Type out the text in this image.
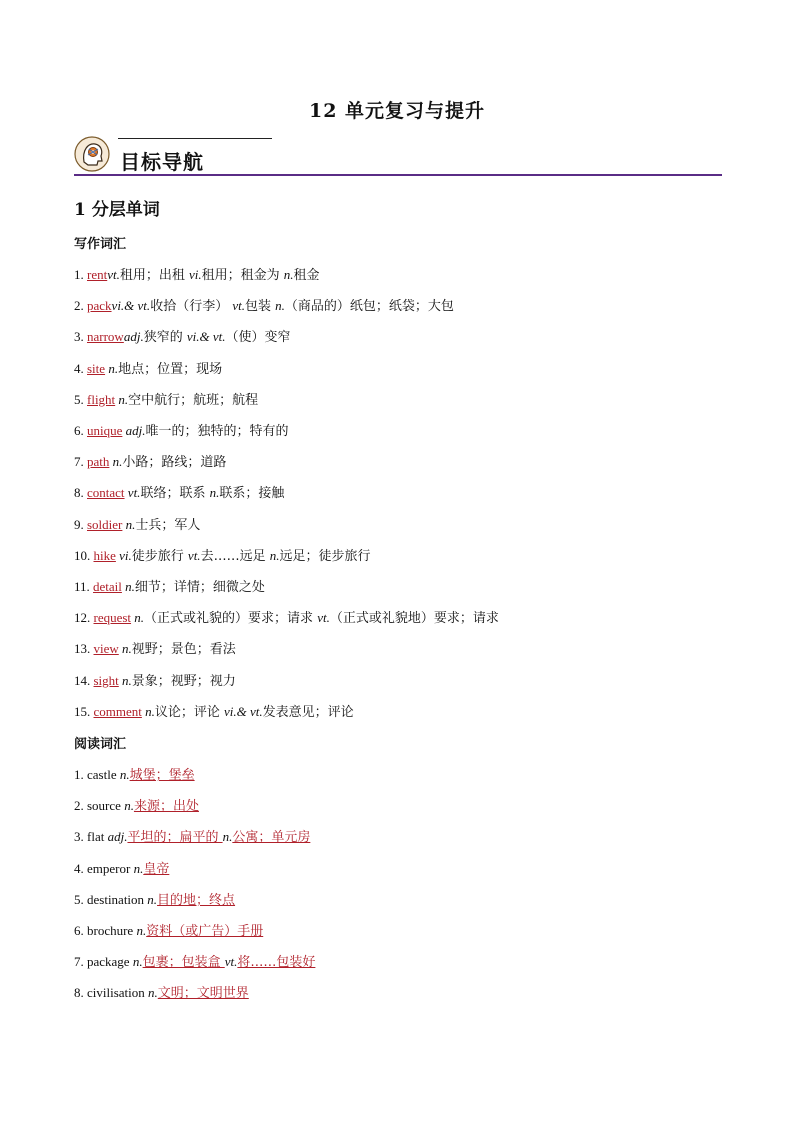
12 单元复习与提升
目标导航
1 分层单词
写作词汇
1. rentvt.租用；出租 vi.租用；租金为 n.租金
2. packvi.& vt.收拾（行李） vt.包装 n.（商品的）纸包；纸袋；大包
3. narrowadj.狭窄的 vi.& vt.（使）变窄
4. site n.地点；位置；现场
5. flight n.空中航行；航班；航程
6. unique adj.唯一的；独特的；特有的
7. path n.小路；路线；道路
8. contact vt.联络；联系 n.联系；接触
9. soldier n.士兵；军人
10. hike vi.徒步旅行 vt.去……远足 n.远足；徒步旅行
11. detail n.细节；详情；细微之处
12. request n.（正式或礼貌的）要求；请求 vt.（正式或礼貌地）要求；请求
13. view n.视野；景色；看法
14. sight n.景象；视野；视力
15. comment n.议论；评论 vi.& vt.发表意见；评论
阅读词汇
1. castle n.城堡；堡垒
2. source n.来源；出处
3. flat adj.平坦的；扁平的 n.公寓；单元房
4. emperor n.皇帝
5. destination n.目的地；终点
6. brochure n.资料（或广告）手册
7. package n.包裹；包装盒 vt.将……包装好
8. civilisation n.文明；文明世界
